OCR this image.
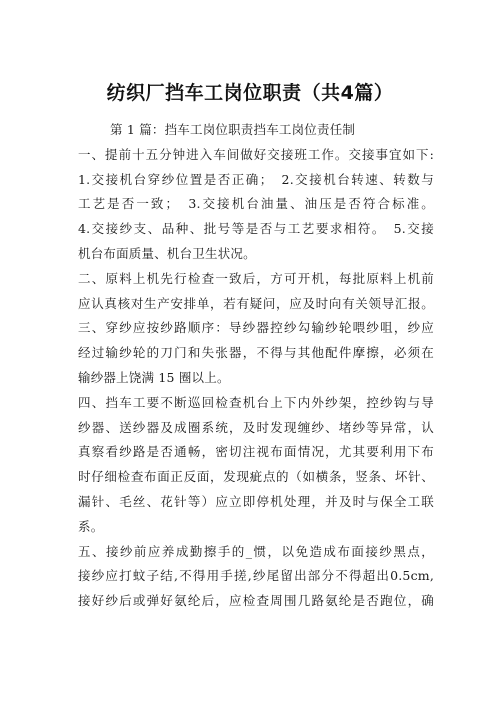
纺织厂挡车工岗位职责（共4篇）
第 1 篇：挡车工岗位职责挡车工岗位责任制
一、提前十五分钟进入车间做好交接班工作。交接事宜如下:
1.交接机台穿纱位置是否正确；　2.交接机台转速、转数与
工艺是否一致；　3.交接机台油量、油压是否符合标准。
4.交接纱支、品种、批号等是否与工艺要求相符。　5.交接
机台布面质量、机台卫生状况。
二、原料上机先行检查一致后，方可开机，每批原料上机前
应认真核对生产安排单，若有疑问，应及时向有关领导汇报。
三、穿纱应按纱路顺序：导纱器控纱勾输纱轮喂纱咀，纱应
经过输纱轮的刀门和失张器，不得与其他配件摩擦，必须在
输纱器上饶满 15 圈以上。
四、挡车工要不断巡回检查机台上下内外纱架，控纱钩与导
纱器、送纱器及成圈系统，及时发现缠纱、堵纱等异常，认
真察看纱路是否通畅，密切注视布面情况，尤其要利用下布
时仔细检查布面正反面，发现疵点的（如横条，竖条、坏针、
漏针、毛丝、花针等）应立即停机处理，并及时与保全工联
系。
五、接纱前应养成勤擦手的_惯，以免造成布面接纱黑点，
接纱应打蚊子结,不得用手搓,纱尾留出部分不得超出0.5cm,
接好纱后或弹好氨纶后，应检查周围几路氨纶是否跑位，确
